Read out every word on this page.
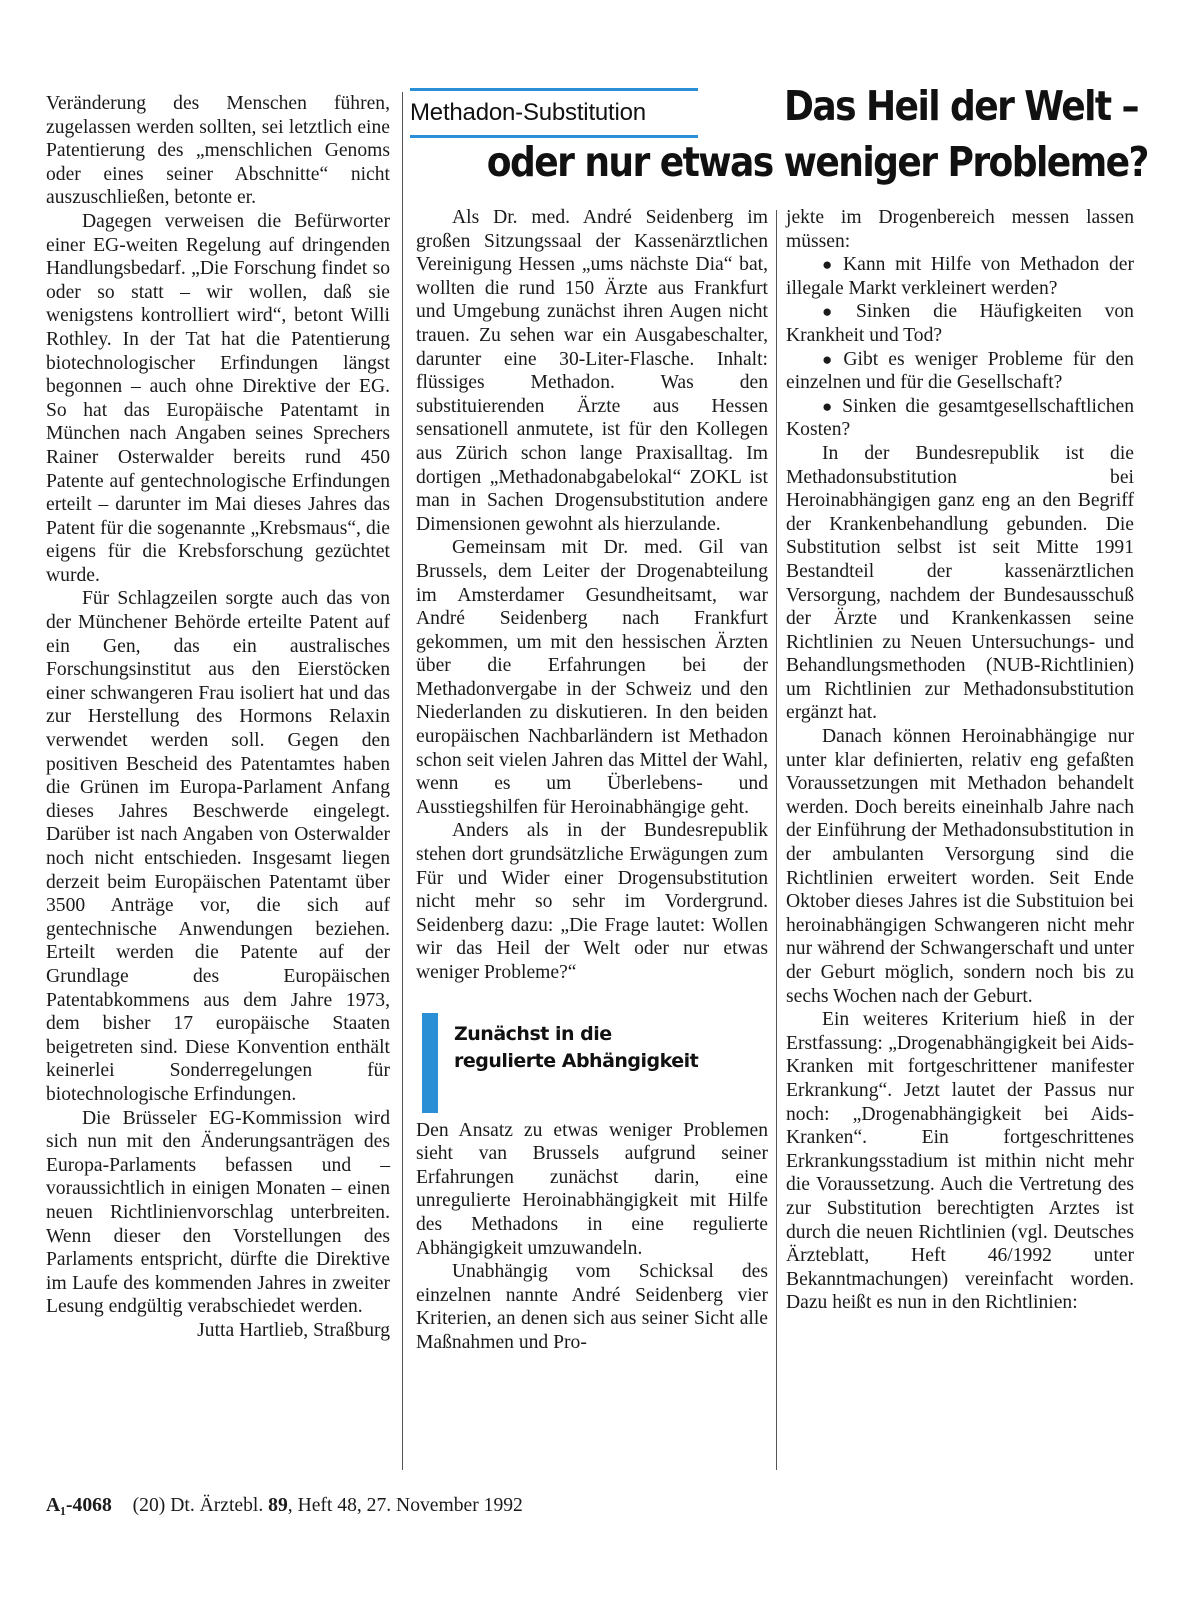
Methadon-Substitution	Das Heil der Welt –
oder nur etwas weniger Probleme?

Veränderung des Menschen führen, zugelassen werden sollten, sei letztlich eine Patentierung des „menschlichen Genoms oder eines seiner Abschnitte“ nicht auszuschließen, betonte er.

Dagegen verweisen die Befürworter einer EG-weiten Regelung auf dringenden Handlungsbedarf. „Die Forschung findet so oder so statt – wir wollen, daß sie wenigstens kontrolliert wird“, betont Willi Rothley. In der Tat hat die Patentierung biotechnologischer Erfindungen längst begonnen – auch ohne Direktive der EG. So hat das Europäische Patentamt in München nach Angaben seines Sprechers Rainer Osterwalder bereits rund 450 Patente auf gentechnologische Erfindungen erteilt – darunter im Mai dieses Jahres das Patent für die sogenannte „Krebsmaus“, die eigens für die Krebsforschung gezüchtet wurde.

Für Schlagzeilen sorgte auch das von der Münchener Behörde erteilte Patent auf ein Gen, das ein australisches Forschungsinstitut aus den Eierstöcken einer schwangeren Frau isoliert hat und das zur Herstellung des Hormons Relaxin verwendet werden soll. Gegen den positiven Bescheid des Patentamtes haben die Grünen im Europa-Parlament Anfang dieses Jahres Beschwerde eingelegt. Darüber ist nach Angaben von Osterwalder noch nicht entschieden. Insgesamt liegen derzeit beim Europäischen Patentamt über 3500 Anträge vor, die sich auf gentechnische Anwendungen beziehen. Erteilt werden die Patente auf der Grundlage des Europäischen Patentabkommens aus dem Jahre 1973, dem bisher 17 europäische Staaten beigetreten sind. Diese Konvention enthält keinerlei Sonderregelungen für biotechnologische Erfindungen.

Die Brüsseler EG-Kommission wird sich nun mit den Änderungsanträgen des Europa-Parlaments befassen und – voraussichtlich in einigen Monaten – einen neuen Richtlinienvorschlag unterbreiten. Wenn dieser den Vorstellungen des Parlaments entspricht, dürfte die Direktive im Laufe des kommenden Jahres in zweiter Lesung endgültig verabschiedet werden.

Jutta Hartlieb, Straßburg

Als Dr. med. André Seidenberg im großen Sitzungssaal der Kassenärztlichen Vereinigung Hessen „ums nächste Dia“ bat, wollten die rund 150 Ärzte aus Frankfurt und Umgebung zunächst ihren Augen nicht trauen. Zu sehen war ein Ausgabeschalter, darunter eine 30-Liter-Flasche. Inhalt: flüssiges Methadon. Was den substituierenden Ärzte aus Hessen sensationell anmutete, ist für den Kollegen aus Zürich schon lange Praxisalltag. Im dortigen „Methadonabgabelokal“ ZOKL ist man in Sachen Drogensubstitution andere Dimensionen gewohnt als hierzulande.

Gemeinsam mit Dr. med. Gil van Brussels, dem Leiter der Drogenabteilung im Amsterdamer Gesundheitsamt, war André Seidenberg nach Frankfurt gekommen, um mit den hessischen Ärzten über die Erfahrungen bei der Methadonvergabe in der Schweiz und den Niederlanden zu diskutieren. In den beiden europäischen Nachbarländern ist Methadon schon seit vielen Jahren das Mittel der Wahl, wenn es um Überlebens- und Ausstiegshilfen für Heroinabhängige geht.

Anders als in der Bundesrepublik stehen dort grundsätzliche Erwägungen zum Für und Wider einer Drogensubstitution nicht mehr so sehr im Vordergrund. Seidenberg dazu: „Die Frage lautet: Wollen wir das Heil der Welt oder nur etwas weniger Probleme?“

Zunächst in die
regulierte Abhängigkeit

Den Ansatz zu etwas weniger Problemen sieht van Brussels aufgrund seiner Erfahrungen zunächst darin, eine unregulierte Heroinabhängigkeit mit Hilfe des Methadons in eine regulierte Abhängigkeit umzuwandeln.

Unabhängig vom Schicksal des einzelnen nannte André Seidenberg vier Kriterien, an denen sich aus seiner Sicht alle Maßnahmen und Pro-

jekte im Drogenbereich messen lassen müssen:

● Kann mit Hilfe von Methadon der illegale Markt verkleinert werden?

● Sinken die Häufigkeiten von Krankheit und Tod?

● Gibt es weniger Probleme für den einzelnen und für die Gesellschaft?

● Sinken die gesamtgesellschaftlichen Kosten?

In der Bundesrepublik ist die Methadonsubstitution bei Heroinabhängigen ganz eng an den Begriff der Krankenbehandlung gebunden. Die Substitution selbst ist seit Mitte 1991 Bestandteil der kassenärztlichen Versorgung, nachdem der Bundesausschuß der Ärzte und Krankenkassen seine Richtlinien zu Neuen Untersuchungs- und Behandlungsmethoden (NUB-Richtlinien) um Richtlinien zur Methadonsubstitution ergänzt hat.

Danach können Heroinabhängige nur unter klar definierten, relativ eng gefaßten Voraussetzungen mit Methadon behandelt werden. Doch bereits eineinhalb Jahre nach der Einführung der Methadonsubstitution in der ambulanten Versorgung sind die Richtlinien erweitert worden. Seit Ende Oktober dieses Jahres ist die Substituion bei heroinabhängigen Schwangeren nicht mehr nur während der Schwangerschaft und unter der Geburt möglich, sondern noch bis zu sechs Wochen nach der Geburt.

Ein weiteres Kriterium hieß in der Erstfassung: „Drogenabhängigkeit bei Aids-Kranken mit fortgeschrittener manifester Erkrankung“. Jetzt lautet der Passus nur noch: „Drogenabhängigkeit bei Aids-Kranken“. Ein fortgeschrittenes Erkrankungsstadium ist mithin nicht mehr die Voraussetzung. Auch die Vertretung des zur Substitution berechtigten Arztes ist durch die neuen Richtlinien (vgl. Deutsches Ärzteblatt, Heft 46/1992 unter Bekanntmachungen) vereinfacht worden. Dazu heißt es nun in den Richtlinien:

A₁-4068 (20) Dt. Ärztebl. 89, Heft 48, 27. November 1992
